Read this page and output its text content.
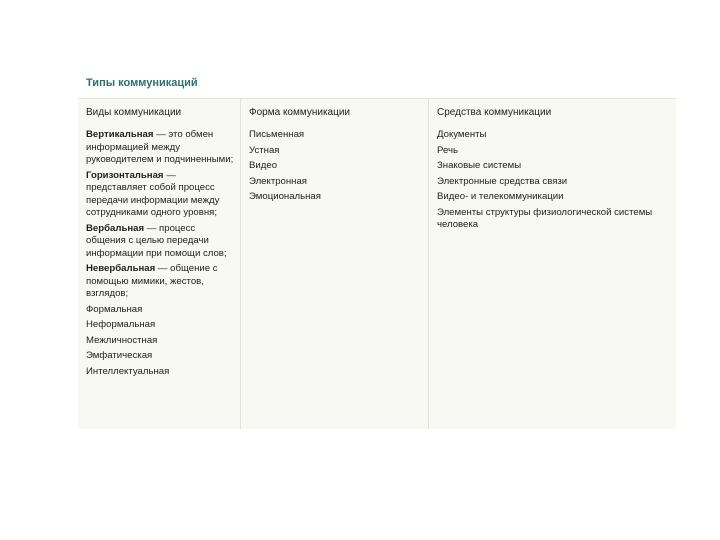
Типы коммуникаций
Виды коммуникации
Вертикальная — это обмен информацией между руководителем и подчиненными;
Горизонтальная — представляет собой процесс передачи информации между сотрудниками одного уровня;
Вербальная — процесс общения с целью передачи информации при помощи слов;
Невербальная — общение с помощью мимики, жестов, взглядов;
Формальная
Неформальная
Межличностная
Эмфатическая
Интеллектуальная
Форма коммуникации
Письменная
Устная
Видео
Электронная
Эмоциональная
Средства коммуникации
Документы
Речь
Знаковые системы
Электронные средства связи
Видео- и телекоммуникации
Элементы структуры физиологической системы человека
